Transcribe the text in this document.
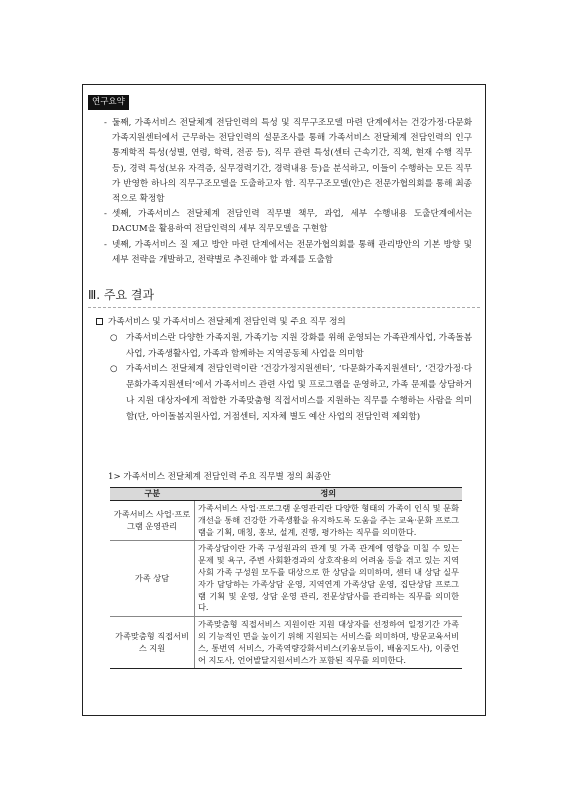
연구요약
- 둘째, 가족서비스 전달체계 전담인력의 특성 및 직무구조모델 마련 단계에서는 건강가정·다문화가족지원센터에서 근무하는 전담인력의 설문조사를 통해 가족서비스 전달체계 전담인력의 인구통계학적 특성(성별, 연령, 학력, 전공 등), 직무 관련 특성(센터 근속기간, 직책, 현재 수행 직무 등), 경력 특성(보유 자격증, 실무경력기간, 경력내용 등)을 분석하고, 이들이 수행하는 모든 직무가 반영한 하나의 직무구조모델을 도출하고자 함. 직무구조모델(안)은 전문가협의회를 통해 최종적으로 확정함
- 셋째, 가족서비스 전달체계 전담인력 직무별 책무, 과업, 세부 수행내용 도출단계에서는 DACUM을 활용하여 전담인력의 세부 직무모델을 구현함
- 넷째, 가족서비스 질 제고 방안 마련 단계에서는 전문가협의회를 통해 관리방안의 기본 방향 및 세부 전략을 개발하고, 전략별로 추진해야 할 과제를 도출함
Ⅲ. 주요 결과
가족서비스 및 가족서비스 전달체계 전담인력 및 주요 직무 정의
○ 가족서비스란 다양한 가족지원, 가족기능 지원 강화를 위해 운영되는 가족관계사업, 가족돌봄사업, 가족생활사업, 가족과 함께하는 지역공동체 사업을 의미함
○ 가족서비스 전달체계 전담인력이란 ‘건강가정지원센터’, ‘다문화가족지원센터’, ‘건강가정·다문화가족지원센터’에서 가족서비스 관련 사업 및 프로그램을 운영하고, 가족 문제를 상담하거나 지원 대상자에게 적합한 가족맞춤형 직접서비스를 지원하는 직무를 수행하는 사람을 의미함(단, 아이돌봄지원사업, 거점센터, 지자체 별도 예산 사업의 전담인력 제외함)
1> 가족서비스 전달체계 전담인력 주요 직무별 정의 최종안
구분	정의
가족서비스 사업·프로그램 운영관리	가족서비스 사업·프로그램 운영관리란 다양한 형태의 가족이 인식 및 문화 개선을 통해 건강한 가족생활을 유지하도록 도움을 주는 교육·문화 프로그램을 기획, 매칭, 홍보, 설계, 진행, 평가하는 직무를 의미한다.
가족 상담	가족상담이란 가족 구성원과의 관계 및 가족 관계에 영향을 미칠 수 있는 문제 및 욕구, 주변 사회환경과의 상호작용의 어려움 등을 겪고 있는 지역사회 가족 구성원 모두를 대상으로 한 상담을 의미하며, 센터 내 상담 실무자가 담당하는 가족상담 운영, 지역연계 가족상담 운영, 집단상담 프로그램 기획 및 운영, 상담 운영 관리, 전문상담사를 관리하는 직무를 의미한다.
가족맞춤형 직접서비스 지원	가족맞춤형 직접서비스 지원이란 지원 대상자를 선정하여 일정기간 가족의 기능적인 면을 높이기 위해 지원되는 서비스를 의미하며, 방문교육서비스, 통번역 서비스, 가족역량강화서비스(키움보듬이, 배움지도사), 이중언어 지도사, 언어발달지원서비스가 포함된 직무를 의미한다.
